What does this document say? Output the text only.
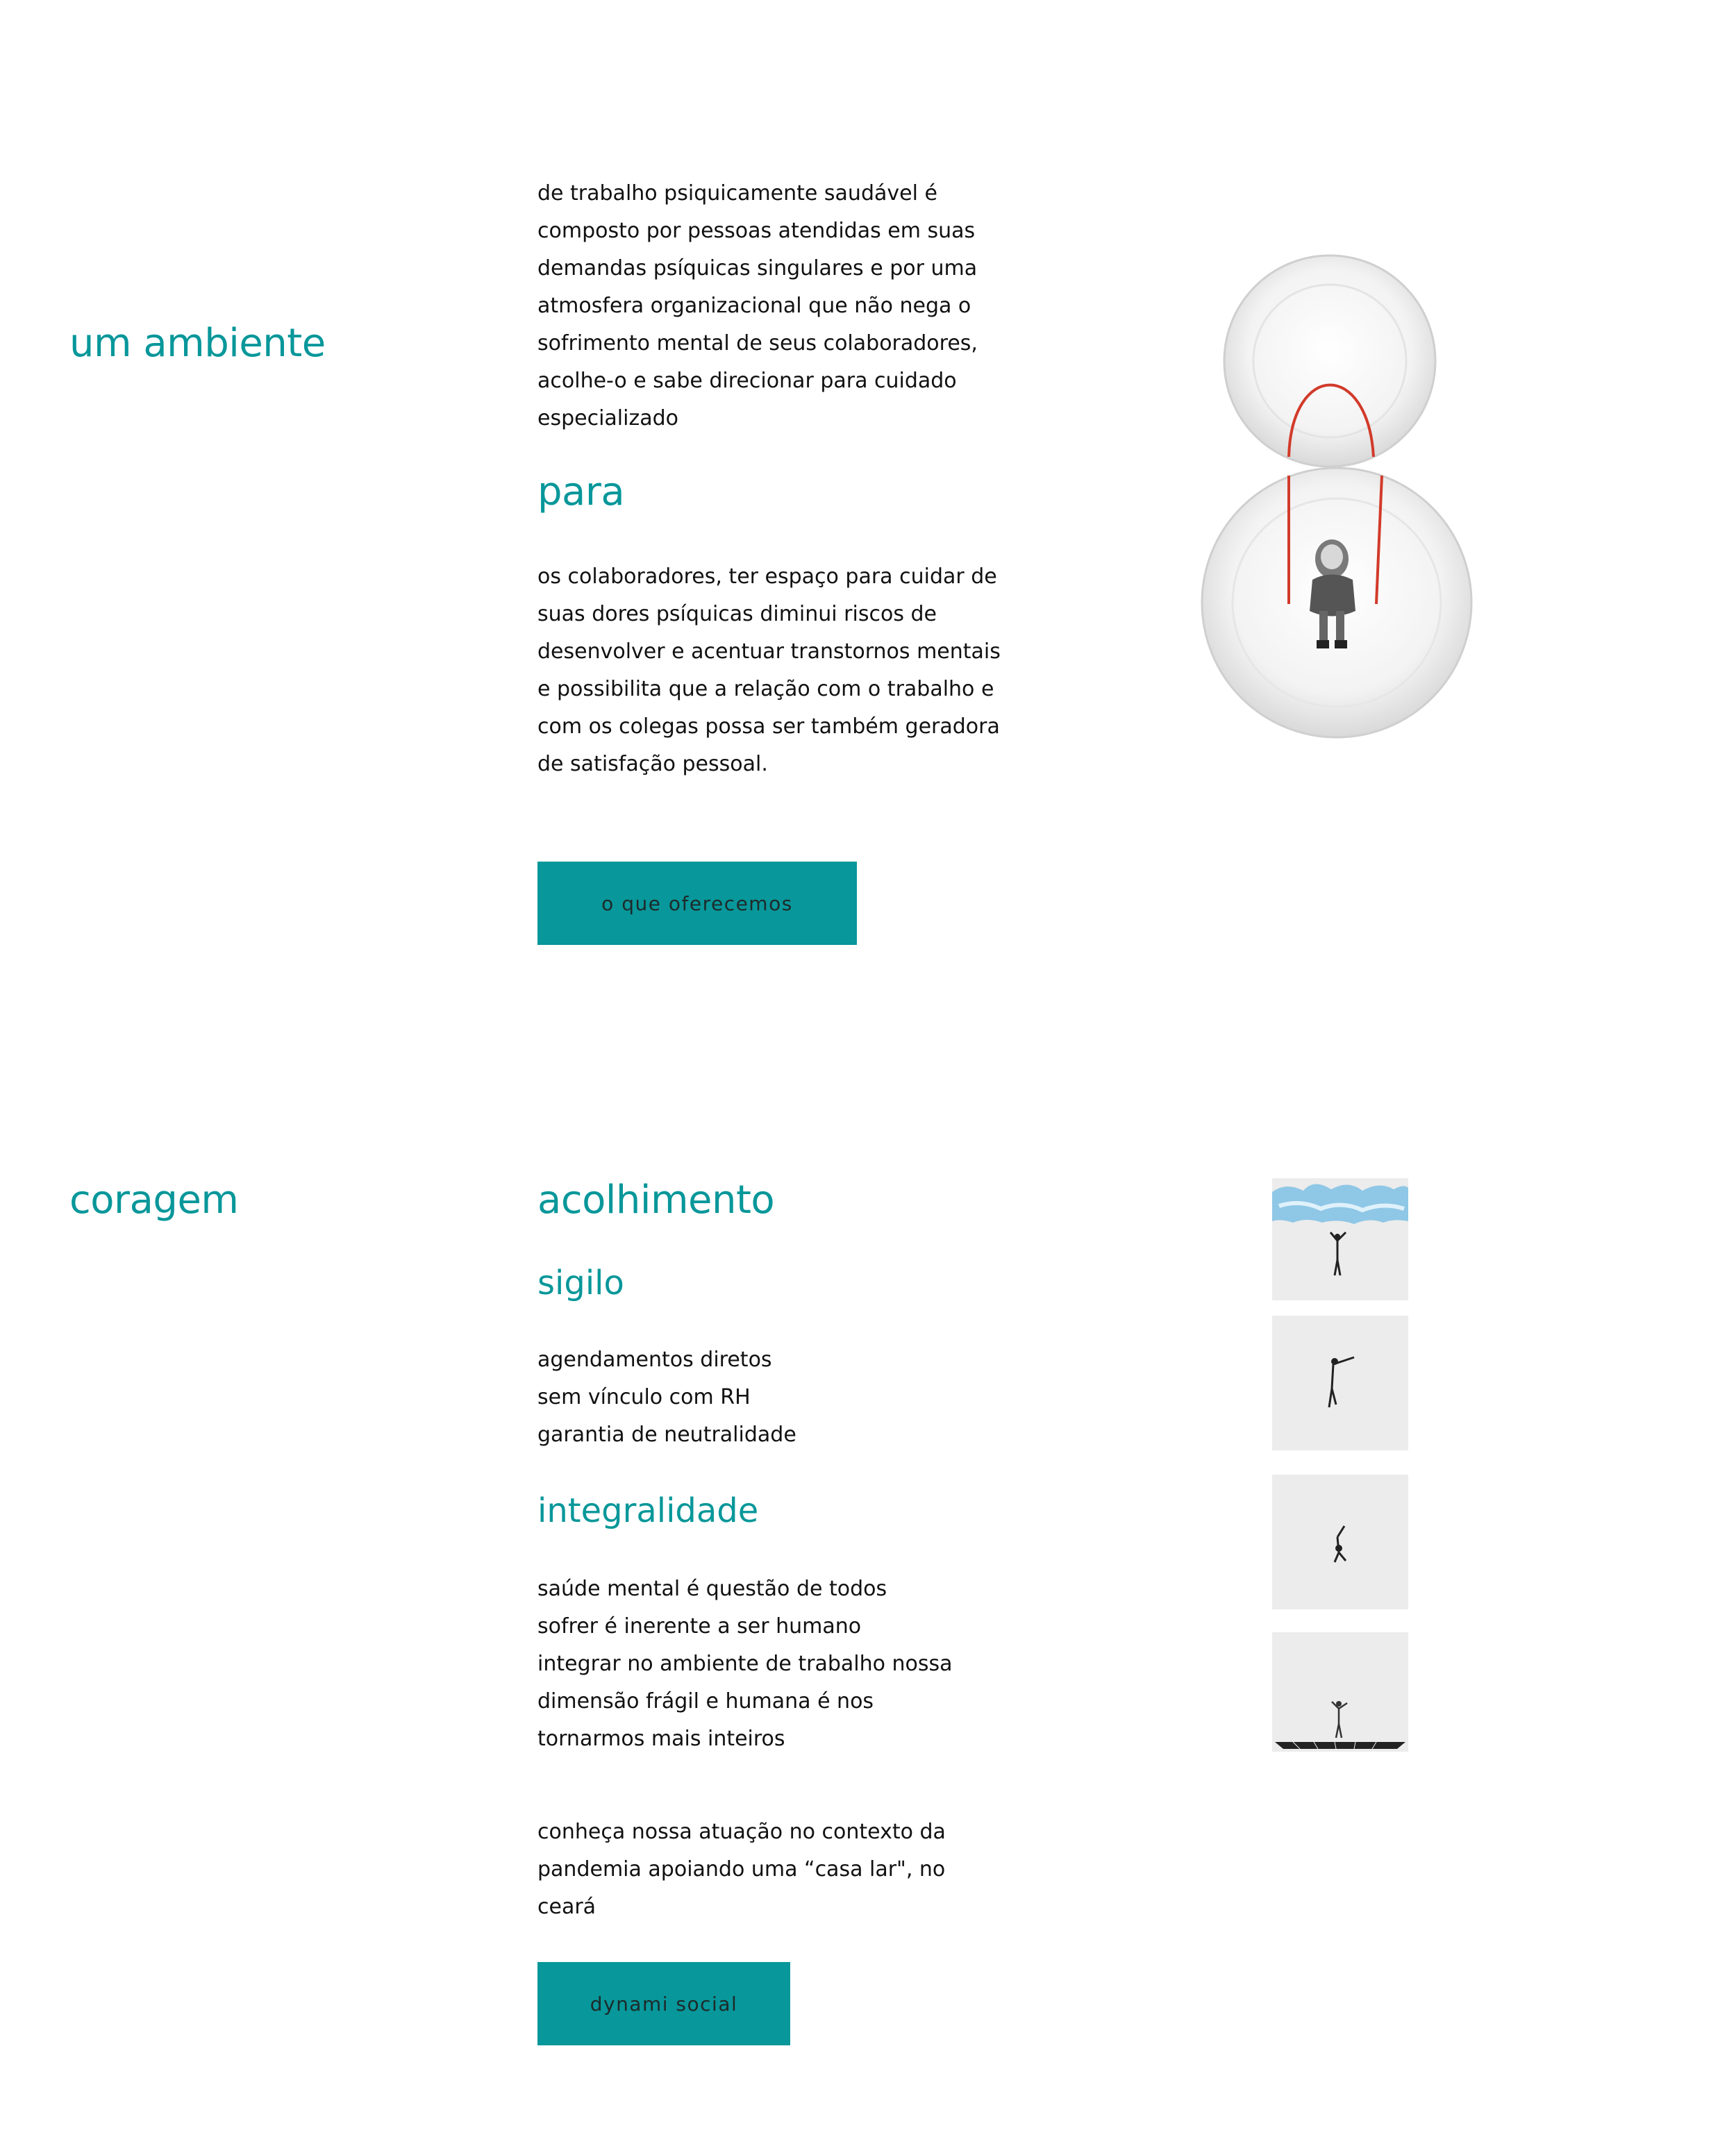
um ambiente
de trabalho psiquicamente saudável é composto por pessoas atendidas em suas demandas psíquicas singulares e por uma atmosfera organizacional que não nega o sofrimento mental de seus colaboradores, acolhe-o e sabe direcionar para cuidado especializado
para
os colaboradores, ter espaço para cuidar de suas dores psíquicas diminui riscos de desenvolver e acentuar transtornos mentais e possibilita que a relação com o trabalho e com os colegas possa ser também geradora de satisfação pessoal.
o que oferecemos
coragem	acolhimento
sigilo
agendamentos diretos
sem vínculo com RH
garantia de neutralidade
integralidade
saúde mental é questão de todos
sofrer é inerente a ser humano
integrar no ambiente de trabalho nossa
dimensão frágil e humana é nos
tornarmos mais inteiros
conheça nossa atuação no contexto da pandemia apoiando uma “casa lar", no ceará
dynami social
